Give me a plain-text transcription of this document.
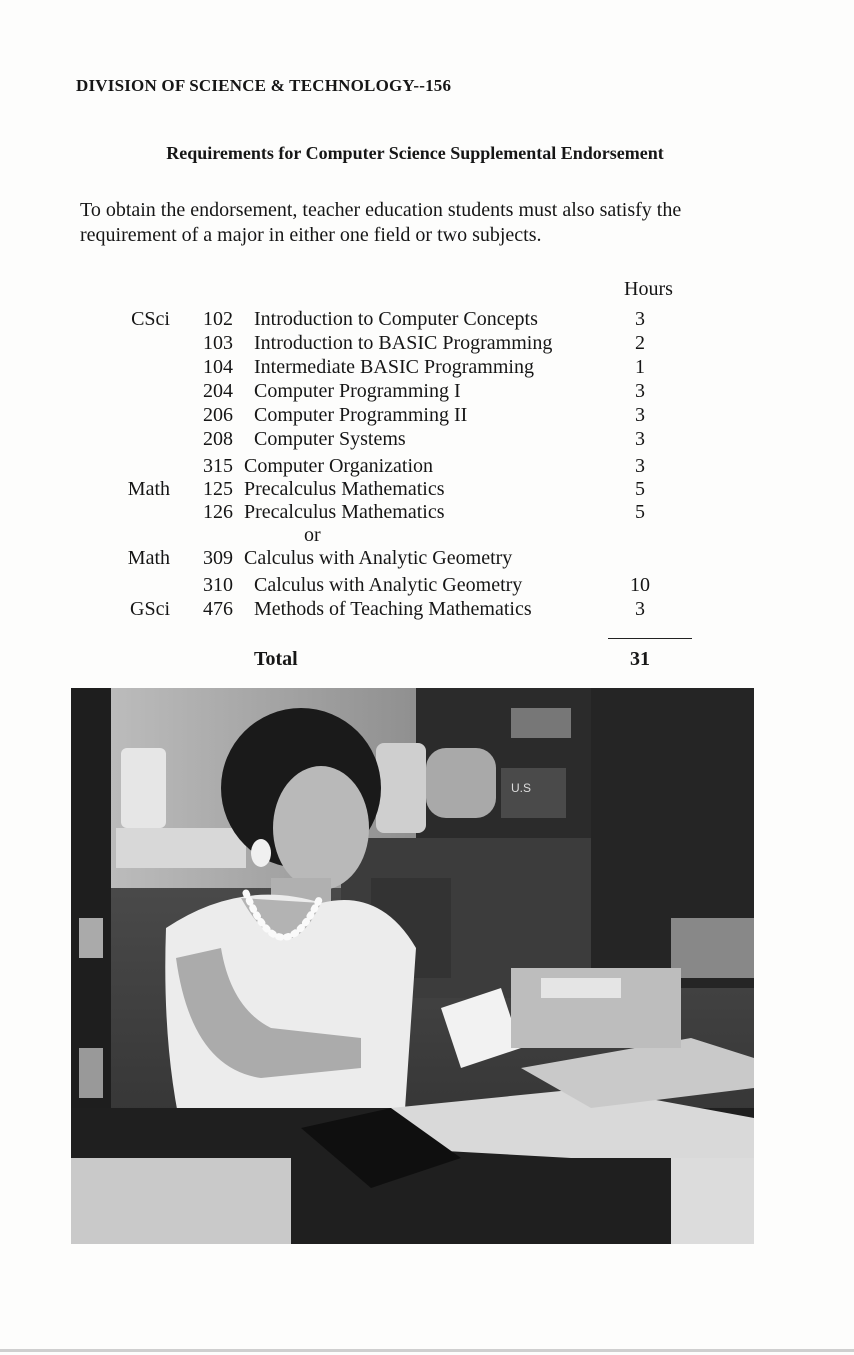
DIVISION OF SCIENCE & TECHNOLOGY--156
Requirements for Computer Science Supplemental Endorsement
To obtain the endorsement, teacher education students must also satisfy the requirement of a major in either one field or two subjects.
Hours
CSci 102 Introduction to Computer Concepts	3
103 Introduction to BASIC Programming	2
104 Intermediate BASIC Programming	1
204 Computer Programming I	3
206 Computer Programming II	3
208 Computer Systems	3
315 Computer Organization	3
Math 125 Precalculus Mathematics	5
126 Precalculus Mathematics	5
or
Math 309 Calculus with Analytic Geometry
310 Calculus with Analytic Geometry	10
GSci 476 Methods of Teaching Mathematics	3
Total	31
U.S
